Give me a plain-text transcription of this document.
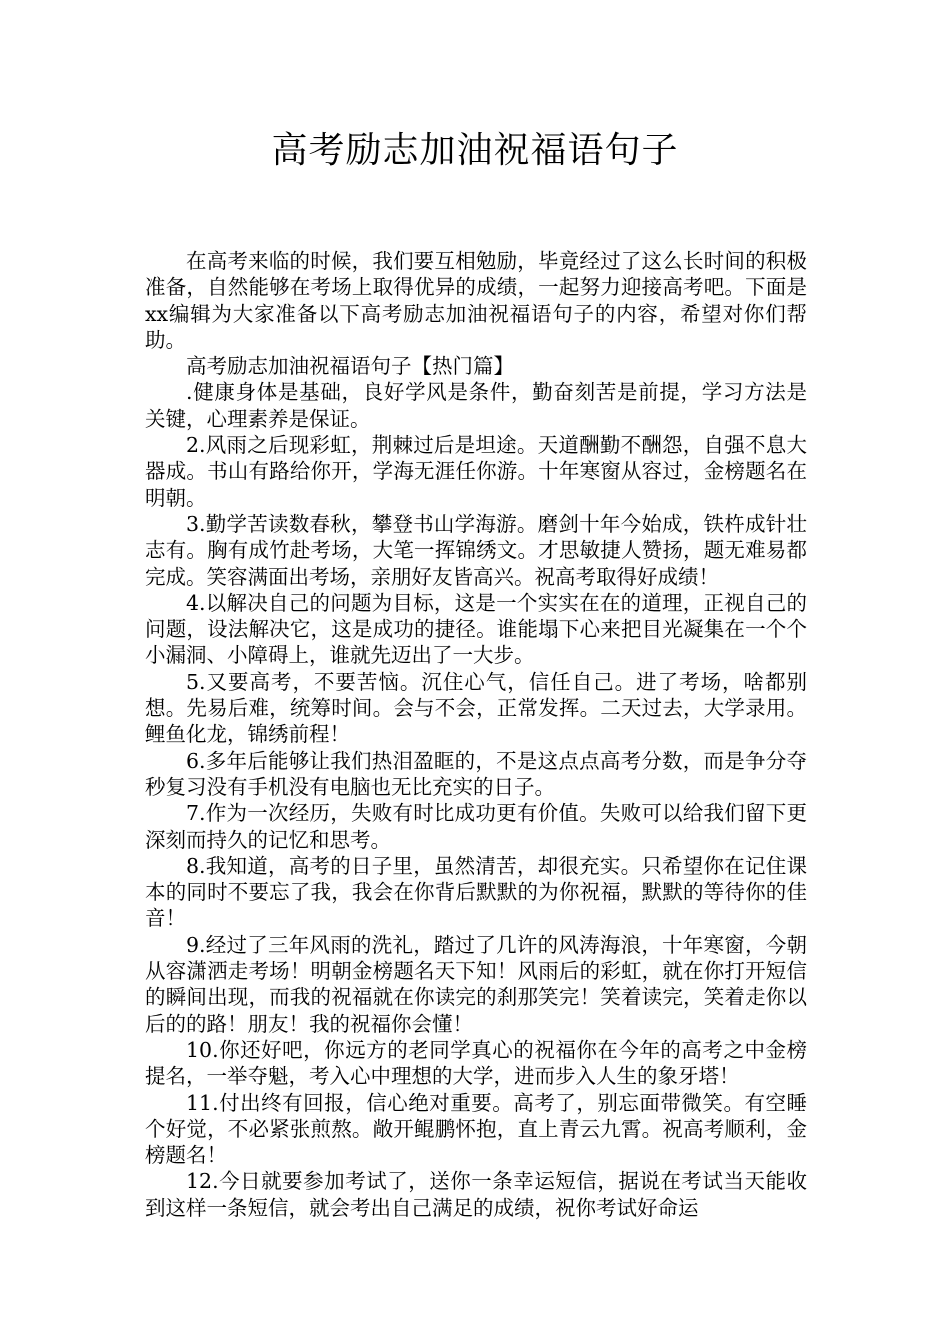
高考励志加油祝福语句子

在高考来临的时候，我们要互相勉励，毕竟经过了这么长时间的积极准备，自然能够在考场上取得优异的成绩，一起努力迎接高考吧。下面是xx编辑为大家准备以下高考励志加油祝福语句子的内容，希望对你们帮助。

高考励志加油祝福语句子【热门篇】

.健康身体是基础，良好学风是条件，勤奋刻苦是前提，学习方法是关键，心理素养是保证。

2.风雨之后现彩虹，荆棘过后是坦途。天道酬勤不酬怨，自强不息大器成。书山有路给你开，学海无涯任你游。十年寒窗从容过，金榜题名在明朝。

3.勤学苦读数春秋，攀登书山学海游。磨剑十年今始成，铁杵成针壮志有。胸有成竹赴考场，大笔一挥锦绣文。才思敏捷人赞扬，题无难易都完成。笑容满面出考场，亲朋好友皆高兴。祝高考取得好成绩！

4.以解决自己的问题为目标，这是一个实实在在的道理，正视自己的问题，设法解决它，这是成功的捷径。谁能塌下心来把目光凝集在一个个小漏洞、小障碍上，谁就先迈出了一大步。

5.又要高考，不要苦恼。沉住心气，信任自己。进了考场，啥都别想。先易后难，统筹时间。会与不会，正常发挥。二天过去，大学录用。鲤鱼化龙，锦绣前程！

6.多年后能够让我们热泪盈眶的，不是这点点高考分数，而是争分夺秒复习没有手机没有电脑也无比充实的日子。

7.作为一次经历，失败有时比成功更有价值。失败可以给我们留下更深刻而持久的记忆和思考。

8.我知道，高考的日子里，虽然清苦，却很充实。只希望你在记住课本的同时不要忘了我，我会在你背后默默的为你祝福，默默的等待你的佳音！

9.经过了三年风雨的洗礼，踏过了几许的风涛海浪，十年寒窗，今朝从容潇洒走考场！明朝金榜题名天下知！风雨后的彩虹，就在你打开短信的瞬间出现，而我的祝福就在你读完的刹那笑完！笑着读完，笑着走你以后的的路！朋友！我的祝福你会懂！

10.你还好吧，你远方的老同学真心的祝福你在今年的高考之中金榜提名，一举夺魁，考入心中理想的大学，进而步入人生的象牙塔！

11.付出终有回报，信心绝对重要。高考了，别忘面带微笑。有空睡个好觉，不必紧张煎熬。敞开鲲鹏怀抱，直上青云九霄。祝高考顺利，金榜题名！

12.今日就要参加考试了，送你一条幸运短信，据说在考试当天能收到这样一条短信，就会考出自己满足的成绩，祝你考试好命运
